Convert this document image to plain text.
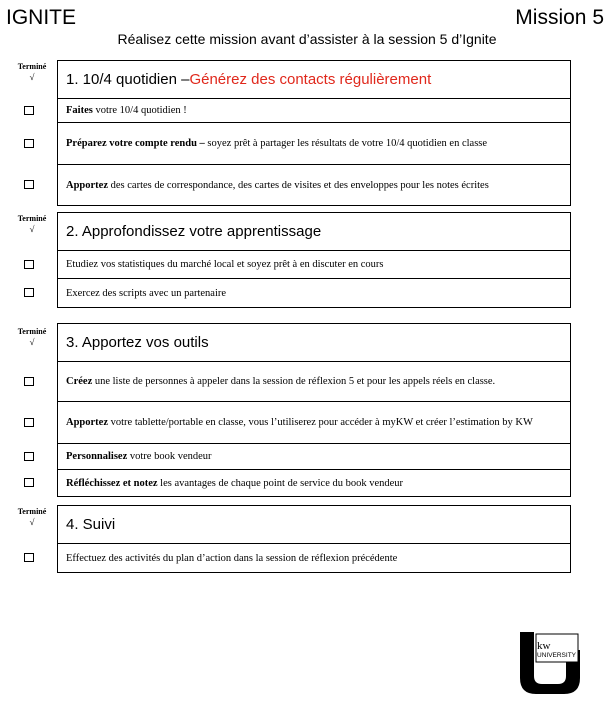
IGNITE	Mission 5
Réalisez cette mission avant d’assister à la session 5 d’Ignite
Terminé
√	1. 10/4 quotidien – Générez des contacts régulièrement
Faites votre 10/4 quotidien !
Préparez votre compte rendu – soyez prêt à partager les résultats de votre 10/4 quotidien en classe
Apportez des cartes de correspondance, des cartes de visites et des enveloppes pour les notes écrites
Terminé
√	2. Approfondissez votre apprentissage
Etudiez vos statistiques du marché local et soyez prêt à en discuter en cours
Exercez des scripts avec un partenaire
Terminé
√	3. Apportez vos outils
Créez une liste de personnes à appeler dans la session de réflexion 5 et pour les appels réels en classe.
Apportez votre tablette/portable en classe, vous l’utiliserez pour accéder à myKW et créer l’estimation by KW
Personnalisez votre book vendeur
Réfléchissez et notez les avantages de chaque point de service du book vendeur
Terminé
√	4. Suivi
Effectuez des activités du plan d’action dans la session de réflexion précédente
kw
UNIVERSITY
